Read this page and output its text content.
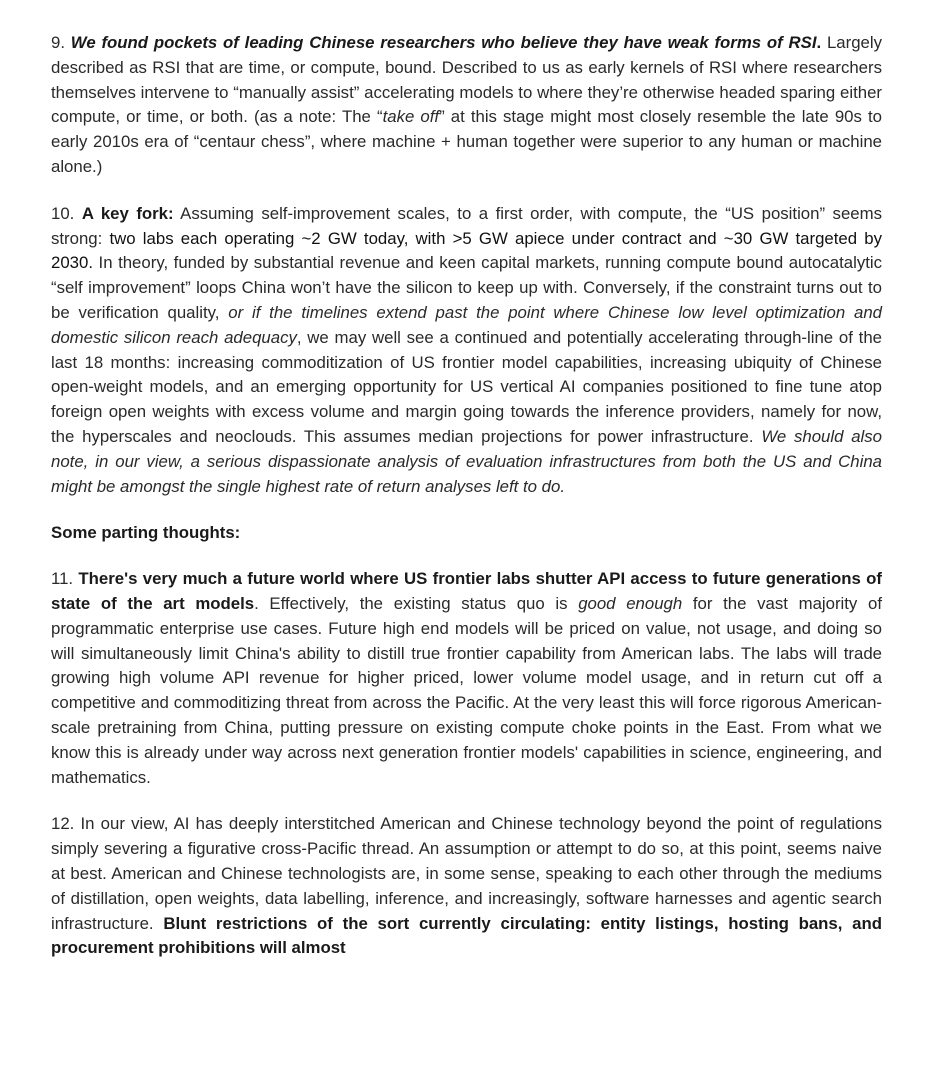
9. We found pockets of leading Chinese researchers who believe they have weak forms of RSI. Largely described as RSI that are time, or compute, bound. Described to us as early kernels of RSI where researchers themselves intervene to “manually assist” accelerating models to where they’re otherwise headed sparing either compute, or time, or both. (as a note: The “take off” at this stage might most closely resemble the late 90s to early 2010s era of “centaur chess”, where machine + human together were superior to any human or machine alone.)

10. A key fork: Assuming self-improvement scales, to a first order, with compute, the “US position” seems strong: two labs each operating ~2 GW today, with >5 GW apiece under contract and ~30 GW targeted by 2030. In theory, funded by substantial revenue and keen capital markets, running compute bound autocatalytic “self improvement” loops China won’t have the silicon to keep up with. Conversely, if the constraint turns out to be verification quality, or if the timelines extend past the point where Chinese low level optimization and domestic silicon reach adequacy, we may well see a continued and potentially accelerating through-line of the last 18 months: increasing commoditization of US frontier model capabilities, increasing ubiquity of Chinese open-weight models, and an emerging opportunity for US vertical AI companies positioned to fine tune atop foreign open weights with excess volume and margin going towards the inference providers, namely for now, the hyperscales and neoclouds. This assumes median projections for power infrastructure. We should also note, in our view, a serious dispassionate analysis of evaluation infrastructures from both the US and China might be amongst the single highest rate of return analyses left to do.

Some parting thoughts:

11. There's very much a future world where US frontier labs shutter API access to future generations of state of the art models. Effectively, the existing status quo is good enough for the vast majority of programmatic enterprise use cases. Future high end models will be priced on value, not usage, and doing so will simultaneously limit China's ability to distill true frontier capability from American labs. The labs will trade growing high volume API revenue for higher priced, lower volume model usage, and in return cut off a competitive and commoditizing threat from across the Pacific. At the very least this will force rigorous American-scale pretraining from China, putting pressure on existing compute choke points in the East. From what we know this is already under way across next generation frontier models' capabilities in science, engineering, and mathematics.

12. In our view, AI has deeply interstitched American and Chinese technology beyond the point of regulations simply severing a figurative cross-Pacific thread. An assumption or attempt to do so, at this point, seems naive at best. American and Chinese technologists are, in some sense, speaking to each other through the mediums of distillation, open weights, data labelling, inference, and increasingly, software harnesses and agentic search infrastructure. Blunt restrictions of the sort currently circulating: entity listings, hosting bans, and procurement prohibitions will almost
